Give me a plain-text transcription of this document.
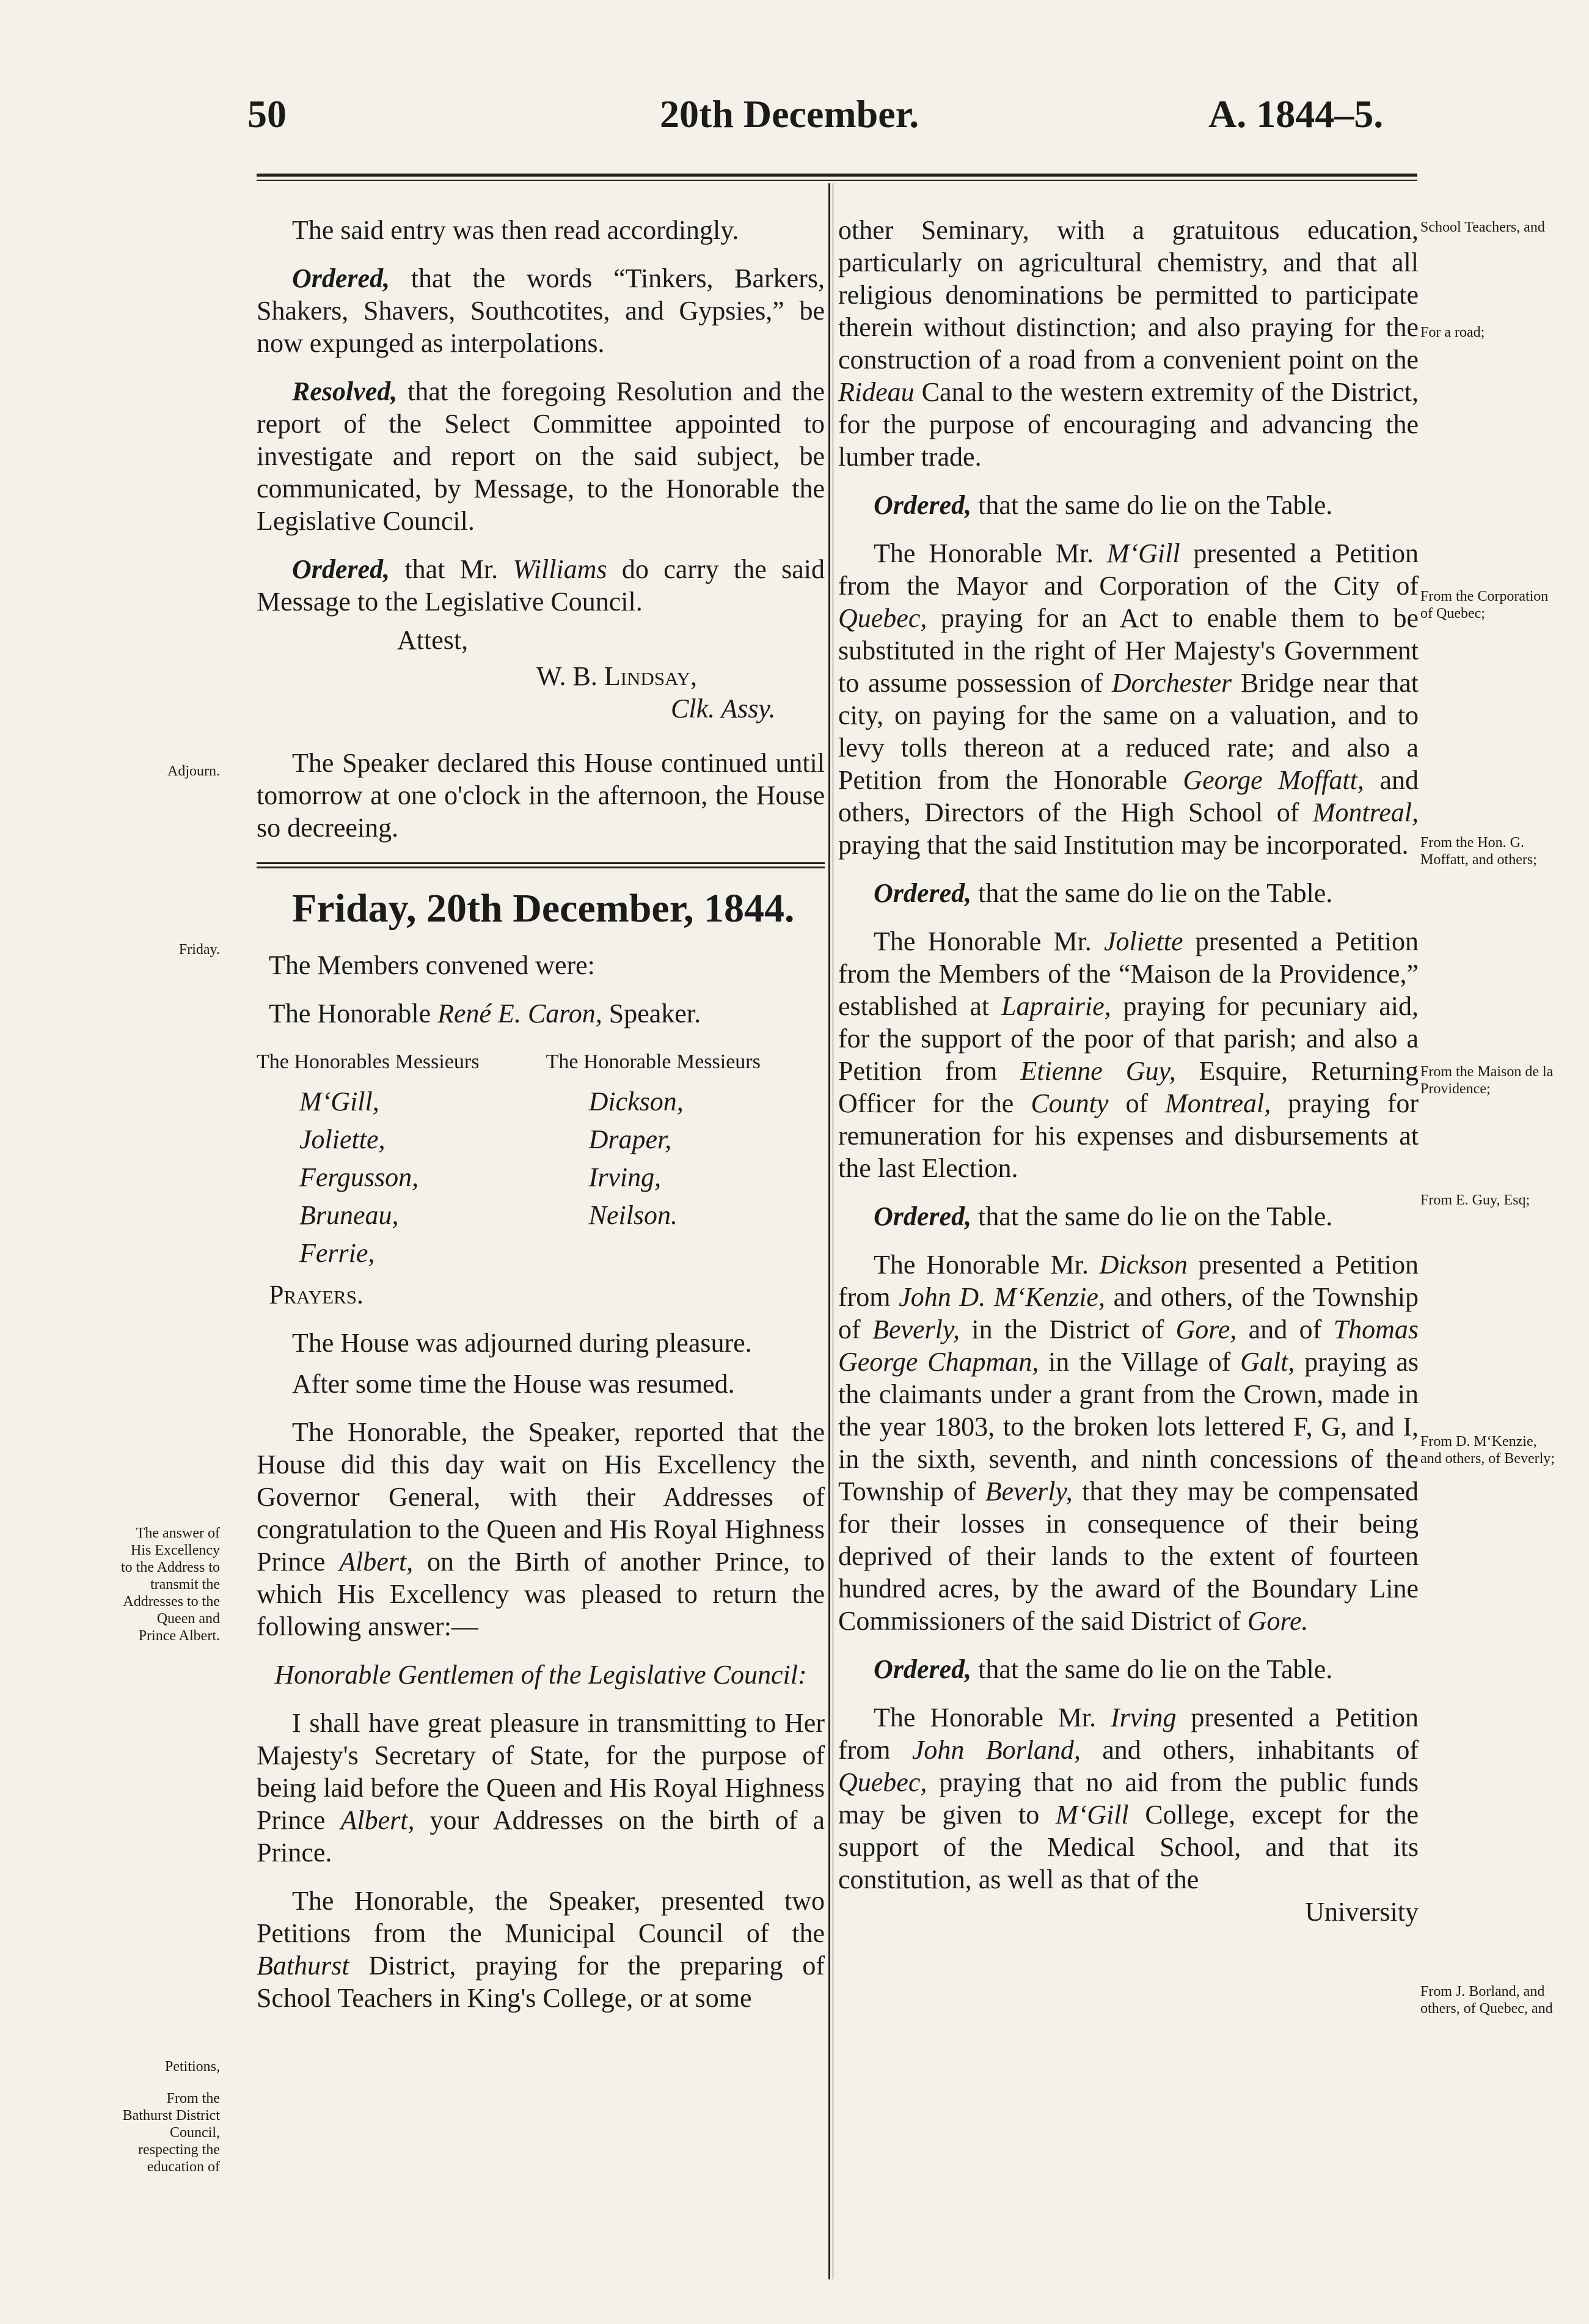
50	20th December.	A. 1844–5.
Adjourn.
Friday.
The answer of His Excellency to the Address to transmit the Addresses to the Queen and Prince Albert.
Petitions,
From the Bathurst District Council, respecting the education of
School Teachers, and
For a road;
From the Corporation of Quebec;
From the Hon. G. Moffatt, and others;
From the Maison de la Providence;
From E. Guy, Esq;
From D. M‘Kenzie, and others, of Beverly;
From J. Borland, and others, of Quebec, and

The said entry was then read accordingly.

Ordered, that the words “Tinkers, Barkers, Shakers, Shavers, Southcotites, and Gypsies,” be now expunged as interpolations.

Resolved, that the foregoing Resolution and the report of the Select Committee appointed to investigate and report on the said subject, be communicated, by Message, to the Honorable the Legislative Council.

Ordered, that Mr. Williams do carry the said Message to the Legislative Council.

Attest,

W. B. Lindsay,

Clk. Assy.

The Speaker declared this House continued until tomorrow at one o'clock in the afternoon, the House so decreeing.

Friday, 20th December, 1844.

The Members convened were:

The Honorable René E. Caron, Speaker.

The Honorables Messieurs	The Honorable Messieurs
M‘Gill,	Dickson,
Joliette,	Draper,
Fergusson,	Irving,
Bruneau,	Neilson.
Ferrie,	

Prayers.

The House was adjourned during pleasure.

After some time the House was resumed.

The Honorable, the Speaker, reported that the House did this day wait on His Excellency the Governor General, with their Addresses of congratulation to the Queen and His Royal Highness Prince Albert, on the Birth of another Prince, to which His Excellency was pleased to return the following answer:—

Honorable Gentlemen of the Legislative Council:

I shall have great pleasure in transmitting to Her Majesty's Secretary of State, for the purpose of being laid before the Queen and His Royal Highness Prince Albert, your Addresses on the birth of a Prince.

The Honorable, the Speaker, presented two Petitions from the Municipal Council of the Bathurst District, praying for the preparing of School Teachers in King's College, or at some

other Seminary, with a gratuitous education, particularly on agricultural chemistry, and that all religious denominations be permitted to participate therein without distinction; and also praying for the construction of a road from a convenient point on the Rideau Canal to the western extremity of the District, for the purpose of encouraging and advancing the lumber trade.

Ordered, that the same do lie on the Table.

The Honorable Mr. M‘Gill presented a Petition from the Mayor and Corporation of the City of Quebec, praying for an Act to enable them to be substituted in the right of Her Majesty's Government to assume possession of Dorchester Bridge near that city, on paying for the same on a valuation, and to levy tolls thereon at a reduced rate; and also a Petition from the Honorable George Moffatt, and others, Directors of the High School of Montreal, praying that the said Institution may be incorporated.

Ordered, that the same do lie on the Table.

The Honorable Mr. Joliette presented a Petition from the Members of the “Maison de la Providence,” established at Laprairie, praying for pecuniary aid, for the support of the poor of that parish; and also a Petition from Etienne Guy, Esquire, Returning Officer for the County of Montreal, praying for remuneration for his expenses and disbursements at the last Election.

Ordered, that the same do lie on the Table.

The Honorable Mr. Dickson presented a Petition from John D. M‘Kenzie, and others, of the Township of Beverly, in the District of Gore, and of Thomas George Chapman, in the Village of Galt, praying as the claimants under a grant from the Crown, made in the year 1803, to the broken lots lettered F, G, and I, in the sixth, seventh, and ninth concessions of the Township of Beverly, that they may be compensated for their losses in consequence of their being deprived of their lands to the extent of fourteen hundred acres, by the award of the Boundary Line Commissioners of the said District of Gore.

Ordered, that the same do lie on the Table.

The Honorable Mr. Irving presented a Petition from John Borland, and others, inhabitants of Quebec, praying that no aid from the public funds may be given to M‘Gill College, except for the support of the Medical School, and that its constitution, as well as that of the

University
